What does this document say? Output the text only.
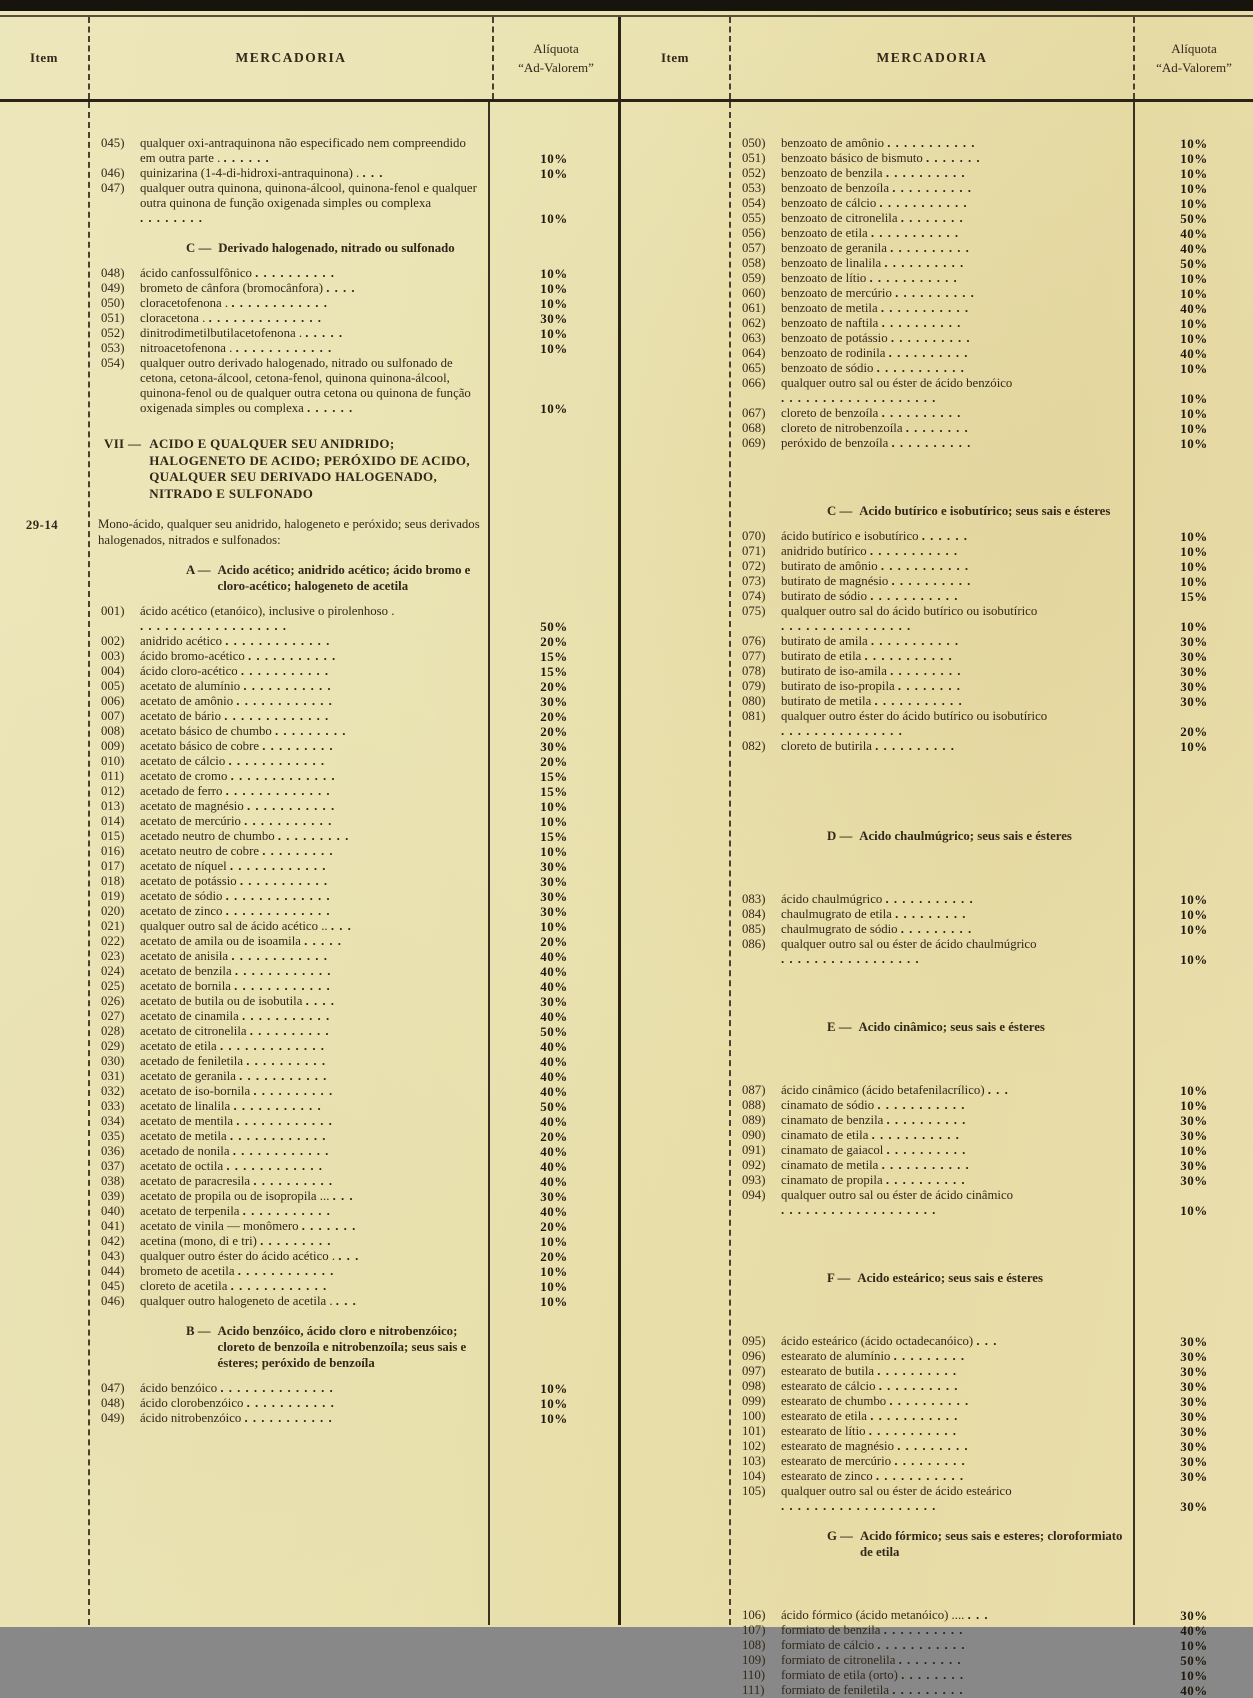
Item	MERCADORIA
Alíquota
“Ad-Valorem”
045)	qualquer oxi-antraquinona não especificado nem compreendido em outra parte . . . . . . .	10%
046)	quinizarina (1-4-di-hidroxi-antraquinona) . . . .	10%
047)	qualquer outra quinona, quinona-álcool, quinona-fenol e qualquer outra quinona de função oxigenada simples ou complexa . . . . . . . .	10%
C — Derivado halogenado, nitrado ou sulfonado
048)	ácido canfossulfônico . . . . . . . . . .	10%
049)	brometo de cânfora (bromocânfora) . . . .	10%
050)	cloracetofenona . . . . . . . . . . . . .	10%
051)	cloracetona . . . . . . . . . . . . . . .	30%
052)	dinitrodimetilbutilacetofenona . . . . . .	10%
053)	nitroacetofenona . . . . . . . . . . . . .	10%
054)	qualquer outro derivado halogenado, nitrado ou sulfonado de cetona, cetona-álcool, cetona-fenol, quinona quinona-álcool, quinona-fenol ou de qualquer outra cetona ou quinona de função oxigenada simples ou complexa . . . . . .	10%
VII — ACIDO E QUALQUER SEU ANIDRIDO; HALOGENETO DE ACIDO; PERÓXIDO DE ACIDO, QUALQUER SEU DERIVADO HALOGENADO, NITRADO E SULFONADO
29-14	Mono-ácido, qualquer seu anidrido, halogeneto e peróxido; seus derivados halogenados, nitrados e sulfonados:
A — Acido acético; anidrido acético; ácido bromo e cloro-acético; halogeneto de acetila
001)	ácido acético (etanóico), inclusive o pirolenhoso . . . . . . . . . . . . . . . . . . .	50%
002)	anidrido acético . . . . . . . . . . . . .	20%
003)	ácido bromo-acético . . . . . . . . . . .	15%
004)	ácido cloro-acético . . . . . . . . . . .	15%
005)	acetato de alumínio . . . . . . . . . . .	20%
006)	acetato de amônio . . . . . . . . . . . .	30%
007)	acetato de bário . . . . . . . . . . . . .	20%
008)	acetato básico de chumbo . . . . . . . . .	20%
009)	acetato básico de cobre . . . . . . . . .	30%
010)	acetato de cálcio . . . . . . . . . . . .	20%
011)	acetato de cromo . . . . . . . . . . . . .	15%
012)	acetado de ferro . . . . . . . . . . . . .	15%
013)	acetato de magnésio . . . . . . . . . . .	10%
014)	acetato de mercúrio . . . . . . . . . . .	10%
015)	acetado neutro de chumbo . . . . . . . . .	15%
016)	acetato neutro de cobre . . . . . . . . .	10%
017)	acetato de níquel . . . . . . . . . . . .	30%
018)	acetato de potássio . . . . . . . . . . .	30%
019)	acetato de sódio . . . . . . . . . . . . .	30%
020)	acetato de zinco . . . . . . . . . . . . .	30%
021)	qualquer outro sal de ácido acético .. . . .	10%
022)	acetato de amila ou de isoamila . . . . .	20%
023)	acetato de anisila . . . . . . . . . . . .	40%
024)	acetato de benzila . . . . . . . . . . . .	40%
025)	acetato de bornila . . . . . . . . . . . .	40%
026)	acetato de butila ou de isobutila . . . .	30%
027)	acetato de cinamila . . . . . . . . . . .	40%
028)	acetato de citronelila . . . . . . . . . .	50%
029)	acetato de etila . . . . . . . . . . . . .	40%
030)	acetado de feniletila . . . . . . . . . .	40%
031)	acetato de geranila . . . . . . . . . . .	40%
032)	acetato de iso-bornila . . . . . . . . . .	40%
033)	acetato de linalila . . . . . . . . . . .	50%
034)	acetato de mentila . . . . . . . . . . . .	40%
035)	acetato de metila . . . . . . . . . . . .	20%
036)	acetado de nonila . . . . . . . . . . . .	40%
037)	acetato de octila . . . . . . . . . . . .	40%
038)	acetato de paracresila . . . . . . . . . .	40%
039)	acetato de propila ou de isopropila ... . . .	30%
040)	acetato de terpenila . . . . . . . . . . .	40%
041)	acetato de vinila — monômero . . . . . . .	20%
042)	acetina (mono, di e tri) . . . . . . . . .	10%
043)	qualquer outro éster do ácido acético . . . .	20%
044)	brometo de acetila . . . . . . . . . . . .	10%
045)	cloreto de acetila . . . . . . . . . . . .	10%
046)	qualquer outro halogeneto de acetila . . . .	10%
B — Acido benzóico, ácido cloro e nitrobenzóico; cloreto de benzoíla e nitrobenzoíla; seus sais e ésteres; peróxido de benzoíla
047)	ácido benzóico . . . . . . . . . . . . . .	10%
048)	ácido clorobenzóico . . . . . . . . . . .	10%
049)	ácido nitrobenzóico . . . . . . . . . . .	10%
Item	MERCADORIA
Alíquota
“Ad-Valorem”
050)	benzoato de amônio . . . . . . . . . . .	10%
051)	benzoato básico de bismuto . . . . . . .	10%
052)	benzoato de benzila . . . . . . . . . .	10%
053)	benzoato de benzoíla . . . . . . . . . .	10%
054)	benzoato de cálcio . . . . . . . . . . .	10%
055)	benzoato de citronelila . . . . . . . .	50%
056)	benzoato de etila . . . . . . . . . . .	40%
057)	benzoato de geranila . . . . . . . . . .	40%
058)	benzoato de linalila . . . . . . . . . .	50%
059)	benzoato de lítio . . . . . . . . . . .	10%
060)	benzoato de mercúrio . . . . . . . . . .	10%
061)	benzoato de metila . . . . . . . . . . .	40%
062)	benzoato de naftila . . . . . . . . . .	10%
063)	benzoato de potássio . . . . . . . . . .	10%
064)	benzoato de rodinila . . . . . . . . . .	40%
065)	benzoato de sódio . . . . . . . . . . .	10%
066)	qualquer outro sal ou éster de ácido benzóico . . . . . . . . . . . . . . . . . . .	10%
067)	cloreto de benzoíla . . . . . . . . . .	10%
068)	cloreto de nitrobenzoíla . . . . . . . .	10%
069)	peróxido de benzoíla . . . . . . . . . .	10%
C — Acido butírico e isobutírico; seus sais e ésteres
070)	ácido butírico e isobutírico . . . . . .	10%
071)	anidrido butírico . . . . . . . . . . .	10%
072)	butirato de amônio . . . . . . . . . . .	10%
073)	butirato de magnésio . . . . . . . . . .	10%
074)	butirato de sódio . . . . . . . . . . .	15%
075)	qualquer outro sal do ácido butírico ou isobutírico . . . . . . . . . . . . . . . .	10%
076)	butirato de amila . . . . . . . . . . .	30%
077)	butirato de etila . . . . . . . . . . .	30%
078)	butirato de iso-amila . . . . . . . . .	30%
079)	butirato de iso-propila . . . . . . . .	30%
080)	butirato de metila . . . . . . . . . . .	30%
081)	qualquer outro éster do ácido butírico ou isobutírico . . . . . . . . . . . . . . .	20%
082)	cloreto de butirila . . . . . . . . . .	10%
D — Acido chaulmúgrico; seus sais e ésteres
083)	ácido chaulmúgrico . . . . . . . . . . .	10%
084)	chaulmugrato de etila . . . . . . . . .	10%
085)	chaulmugrato de sódio . . . . . . . . .	10%
086)	qualquer outro sal ou éster de ácido chaulmúgrico . . . . . . . . . . . . . . . . .	10%
E — Acido cinâmico; seus sais e ésteres
087)	ácido cinâmico (ácido betafenilacrílico) . . .	10%
088)	cinamato de sódio . . . . . . . . . . .	10%
089)	cinamato de benzila . . . . . . . . . .	30%
090)	cinamato de etila . . . . . . . . . . .	30%
091)	cinamato de gaiacol . . . . . . . . . .	10%
092)	cinamato de metila . . . . . . . . . . .	30%
093)	cinamato de propila . . . . . . . . . .	30%
094)	qualquer outro sal ou éster de ácido cinâmico . . . . . . . . . . . . . . . . . . .	10%
F — Acido esteárico; seus sais e ésteres
095)	ácido esteárico (ácido octadecanóico) . . .	30%
096)	estearato de alumínio . . . . . . . . .	30%
097)	estearato de butila . . . . . . . . . .	30%
098)	estearato de cálcio . . . . . . . . . .	30%
099)	estearato de chumbo . . . . . . . . . .	30%
100)	estearato de etila . . . . . . . . . . .	30%
101)	estearato de lítio . . . . . . . . . . .	30%
102)	estearato de magnésio . . . . . . . . .	30%
103)	estearato de mercúrio . . . . . . . . .	30%
104)	estearato de zinco . . . . . . . . . . .	30%
105)	qualquer outro sal ou éster de ácido esteárico . . . . . . . . . . . . . . . . . . .	30%
G — Acido fórmico; seus sais e esteres; cloroformiato de etila
106)	ácido fórmico (ácido metanóico) .... . . .	30%
107)	formiato de benzila . . . . . . . . . .	40%
108)	formiato de cálcio . . . . . . . . . . .	10%
109)	formiato de citronelila . . . . . . . .	50%
110)	formiato de etila (orto) . . . . . . . .	10%
111)	formiato de feniletila . . . . . . . . .	40%
